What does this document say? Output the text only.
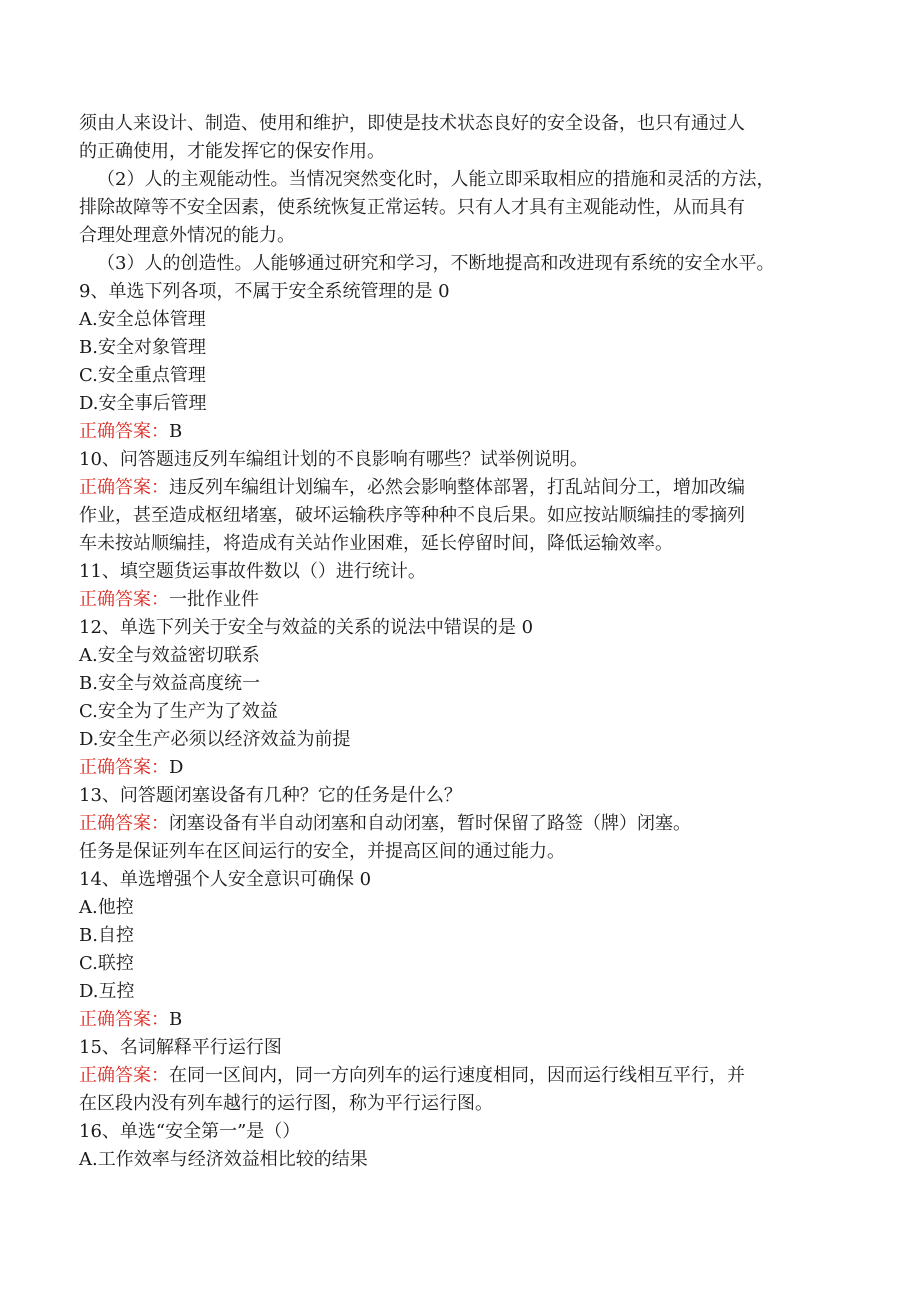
须由人来设计、制造、使用和维护，即使是技术状态良好的安全设备，也只有通过人
的正确使用，才能发挥它的保安作用。
（2）人的主观能动性。当情况突然变化时，人能立即采取相应的措施和灵活的方法，
排除故障等不安全因素，使系统恢复正常运转。只有人才具有主观能动性，从而具有
合理处理意外情况的能力。
（3）人的创造性。人能够通过研究和学习，不断地提高和改进现有系统的安全水平。
9、单选下列各项，不属于安全系统管理的是 0
A.安全总体管理
B.安全对象管理
C.安全重点管理
D.安全事后管理
正确答案：B
10、问答题违反列车编组计划的不良影响有哪些？试举例说明。
正确答案：违反列车编组计划编车，必然会影响整体部署，打乱站间分工，增加改编
作业，甚至造成枢纽堵塞，破坏运输秩序等种种不良后果。如应按站顺编挂的零摘列
车未按站顺编挂，将造成有关站作业困难，延长停留时间，降低运输效率。
11、填空题货运事故件数以（）进行统计。
正确答案：一批作业件
12、单选下列关于安全与效益的关系的说法中错误的是 0
A.安全与效益密切联系
B.安全与效益高度统一
C.安全为了生产为了效益
D.安全生产必须以经济效益为前提
正确答案：D
13、问答题闭塞设备有几种？它的任务是什么？
正确答案：闭塞设备有半自动闭塞和自动闭塞，暂时保留了路签（牌）闭塞。
任务是保证列车在区间运行的安全，并提高区间的通过能力。
14、单选增强个人安全意识可确保 0
A.他控
B.自控
C.联控
D.互控
正确答案：B
15、名词解释平行运行图
正确答案：在同一区间内，同一方向列车的运行速度相同，因而运行线相互平行，并
在区段内没有列车越行的运行图，称为平行运行图。
16、单选“安全第一”是（）
A.工作效率与经济效益相比较的结果
